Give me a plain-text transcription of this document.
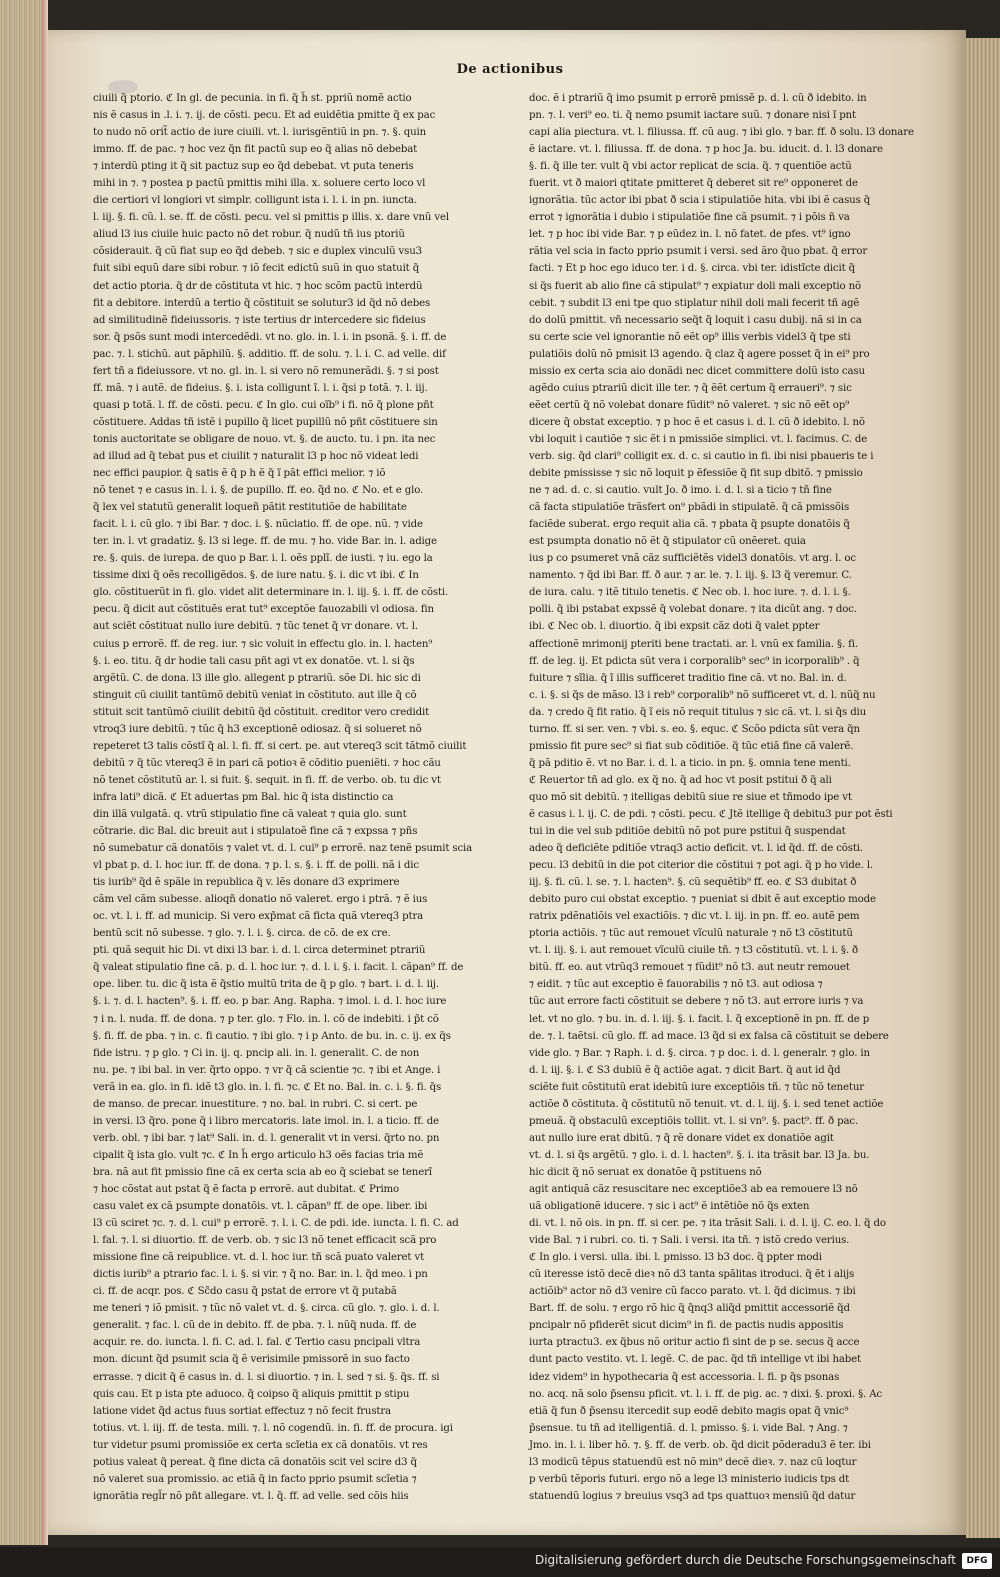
De actionibus
ciuili q̃ ptorio. ℭ In gl. de pecunia. in fi. q̃ h̃ st. ppriũ nomẽ actio
nis ẽ casus in .l. i. ⁊. ij. de cõsti. pecu. Et ad euidẽtia pmitte q̃ ex pac
to nudo nõ orit̃ actio de iure ciuili. vt. l. iurisgẽntiũ in pn. ⁊. §. quin
immo. ff. de pac. ⁊ hoc vez q̃n fit pactũ sup eo q̃ alias nõ debebat
⁊ interdũ pting it q̃ sit pactuz sup eo q̃d debebat. vt puta teneris
mihi in ⁊. ⁊ postea p pactũ pmittis mihi illa. x. soluere certo loco vl
die certiori vl longiori vt simplr. colligunt ista i. l. i. in pn. iuncta.
l. iij. §. fi. cũ. l. se. ff. de cõsti. pecu. vel si pmittis p illis. x. dare vnũ vel
aliud l3 ius ciuile huic pacto nõ det robur. q̃ nudũ tñ ius ptoriũ
cõsiderauit. q̃ cũ fiat sup eo q̃d debeb. ⁊ sic e duplex vinculũ vsu3
fuit sibi equũ dare sibi robur. ⁊ iõ fecit edictũ suũ in quo statuit q̃
det actio ptoria. q̃ dr de cõstituta vt hic. ⁊ hoc scõm pactũ interdũ
fit a debitore. interdũ a tertio q̃ cõstituit se solutur3 id q̃d nõ debes
ad similitudinẽ fideiussoris. ⁊ iste tertius dr intercedere sic fideius
sor. q̃ psõs sunt modi intercedẽdi. vt no. glo. in. l. i. in psonã. §. i. ff. de
pac. ⁊. l. stichũ. aut pãphilũ. §. additio. ff. de solu. ⁊. l. i. C. ad velle. dif
fert tñ a fideiussore. vt no. gl. in. l. si vero nõ remunerãdi. §. ⁊ si post
ff. mã. ⁊ i autẽ. de fideius. §. i. ista colligunt ĩ. l. i. q̃si p totã. ⁊. l. iij.
quasi p totã. l. ff. de cõsti. pecu. ℭ In glo. cui oĩb⁹ i fi. nõ q̃ plone pñt
cõstituere. Addas tñ istẽ i pupillo q̃ licet pupillũ nõ pñt cõstituere sin
tonis auctoritate se obligare de nouo. vt. §. de aucto. tu. i pn. ita nec
ad illud ad q̃ tebat pus et ciuilit ⁊ naturalit l3 p hoc nõ videat ledi
nec effici paupior. q̃ satis ẽ q̃ p h ẽ q̃ ĩ pãt effici melior. ⁊ iõ
nõ tenet ⁊ e casus in. l. i. §. de pupillo. ff. eo. q̃d no. ℭ No. et e glo.
q̃ lex vel statutũ generalit loqueñ pãtit restitutiõe de habilitate
facit. l. i. cũ glo. ⁊ ibi Bar. ⁊ doc. i. §. nũciatio. ff. de ope. nũ. ⁊ vide
ter. in. l. vt gradatiz. §. l3 si lege. ff. de mu. ⁊ ho. vide Bar. in. l. adige
re. §. quis. de iurepa. de quo p Bar. i. l. oẽs pplĩ. de iusti. ⁊ iu. ego la
tissime dixi q̃ oẽs recolligẽdos. §. de iure natu. §. i. dic vt ibi. ℭ In
glo. cõstituerũt in fi. glo. videt alit determinare in. l. iij. §. i. ff. de cõsti.
pecu. q̃ dicit aut cõstituẽs erat tut⁹ exceptõe fauozabili vl odiosa. fin
aut sciẽt cõstituat nullo iure debitũ. ⁊ tũc tenet q̃ vr donare. vt. l.
cuius p errorẽ. ff. de reg. iur. ⁊ sic voluit in effectu glo. in. l. hacten⁹
§. i. eo. titu. q̃ dr hodie tali casu pñt agi vt ex donatõe. vt. l. si q̃s
argẽtũ. C. de dona. l3 ille glo. allegent p ptrariũ. sõe Di. hic sic di
stinguit cũ ciuilit tantũmõ debitũ veniat in cõstituto. aut ille q̃ cõ
stituit scit tantũmõ ciuilit debitũ q̃d cõstituit. creditor vero credidit
vtroq3 iure debitũ. ⁊ tũc q̃ h3 exceptionẽ odiosaz. q̃ si solueret nõ
repeteret t3 talis cõstĩ q̃ al. l. fi. ff. si cert. pe. aut vtereq3 scit tãtmõ ciuilit
debitũ ⁊ q̃ tũc vtereq3 ẽ in pari cã potioꝛ ẽ cõditio pueniẽti. ⁊ hoc cãu
nõ tenet cõstitutũ ar. l. si fuit. §. sequit. in fi. ff. de verbo. ob. tu dic vt
infra lati⁹ dicã. ℭ Et aduertas pm Bal. hic q̃ ista distinctio ca
din illã vulgatã. q. vtrũ stipulatio fine cã valeat ⁊ quia glo. sunt
cõtrarie. dic Bal. dic breuit aut i stipulatoẽ fine cã ⁊ expssa ⁊ pñs
nõ sumebatur cã donatõis ⁊ valet vt. d. l. cui⁹ p errorẽ. naz tenẽ psumit scia
vl pbat p. d. l. hoc iur. ff. de dona. ⁊ p. l. s. §. i. ff. de polli. nã i dic
tis iurib⁹ q̃d ẽ spãle in republica q̃ v. lẽs donare d3 exprimere
cãm vel cãm subesse. alioqñ donatio nõ valeret. ergo i ptrã. ⁊ ẽ ius
oc. vt. l. i. ff. ad municip. Si vero exp̃mat cã ficta quã vtereq3 ptra
bentũ scit nõ subesse. ⁊ glo. ⁊. l. i. §. circa. de cõ. de ex cre.
pti. quã sequit hic Di. vt dixi l3 bar. i. d. l. circa determinet ptrariũ
q̃ valeat stipulatio fine cã. p. d. l. hoc iur. ⁊. d. l. i. §. i. facit. l. cãpan⁹ ff. de
ope. liber. tu. dic q̃ ista ẽ q̃stio multũ trita de q̃ p glo. ⁊ bart. i. d. l. iij.
§. i. ⁊. d. l. hacten⁹. §. i. ff. eo. p bar. Ang. Rapha. ⁊ imol. i. d. l. hoc iure
⁊ i n. l. nuda. ff. de dona. ⁊ p ter. glo. ⁊ Flo. in. l. cõ de indebiti. i p̃t cõ
§. fi. ff. de pba. ⁊ in. c. fi cautio. ⁊ ibi glo. ⁊ i p Anto. de bu. in. c. ij. ex q̃s
fide istru. ⁊ p glo. ⁊ Ci in. ij. q. pncip ali. in. l. generalit. C. de non
nu. pe. ⁊ ibi bal. in ver. q̃rto oppo. ⁊ vr q̃ cã scientie ⁊c. ⁊ ibi et Ange. i
verã in ea. glo. in fi. idẽ t3 glo. in. l. fi. ⁊c. ℭ Et no. Bal. in. c. i. §. fi. q̃s
de manso. de precar. inuestiture. ⁊ no. bal. in rubri. C. si cert. pe
in versi. l3 q̃ro. pone q̃ i libro mercatoris. late imol. in. l. a ticio. ff. de
verb. obl. ⁊ ibi bar. ⁊ lat⁹ Sali. in. d. l. generalit vt in versi. q̃rto no. pn
cipalit q̃ ista glo. vult ⁊c. ℭ In h̃ ergo articulo h3 oẽs facias tria mẽ
bra. nã aut fit pmissio fine cã ex certa scia ab eo q̃ sciebat se tenerĩ
⁊ hoc cõstat aut pstat q̃ ẽ facta p errorẽ. aut dubitat. ℭ Primo
casu valet ex cã psumpte donatõis. vt. l. cãpan⁹ ff. de ope. liber. ibi
l3 cũ sciret ⁊c. ⁊. d. l. cui⁹ p errorẽ. ⁊. l. i. C. de pdi. ide. iuncta. l. fi. C. ad
l. fal. ⁊. l. si diuortio. ff. de verb. ob. ⁊ sic l3 nõ tenet efficacit scã pro
missione fine cã reipublice. vt. d. l. hoc iur. tñ scã puato valeret vt
dictis iurib⁹ a ptrario fac. l. i. §. si vir. ⁊ q̃ no. Bar. in. l. q̃d meo. i pn
ci. ff. de acqr. pos. ℭ Sc̃do casu q̃ pstat de errore vt q̃ putabã
me teneri ⁊ iõ pmisit. ⁊ tũc nõ valet vt. d. §. circa. cũ glo. ⁊. glo. i. d. l.
generalit. ⁊ fac. l. cũ de in debito. ff. de pba. ⁊. l. nũq̃ nuda. ff. de
acquir. re. do. iuncta. l. fi. C. ad. l. fal. ℭ Tertio casu pncipali vltra
mon. dicunt q̃d psumit scia q̃ ẽ verisimile pmissorẽ in suo facto
errasse. ⁊ dicit q̃ ẽ casus in. d. l. si diuortio. ⁊ in. l. sed ⁊ si. §. q̃s. ff. si
quis cau. Et p ista pte aduoco. q̃ coipso q̃ aliquis pmittit p stipu
latione videt q̃d actus fuus sortiat effectuz ⁊ nõ fecit frustra
totius. vt. l. iij. ff. de testa. mili. ⁊. l. nõ cogendũ. in. fi. ff. de procura. igi
tur videtur psumi promissiõe ex certa scĩetia ex cã donatõis. vt res
potius valeat q̃ pereat. q̃ fine dicta cã donatõis scit vel scire d3 q̃
nõ valeret sua promissio. ac etiã q̃ in facto pprio psumit scĩetia ⁊
ignorãtia regl̃r nõ pñt allegare. vt. l. q̃. ff. ad velle. sed cõis hiis
doc. ẽ i ptrariũ q̃ imo psumit p errorẽ pmissẽ p. d. l. cũ ð idebito. in
pn. ⁊. l. veri⁹ eo. ti. q̃ nemo psumit iactare suũ. ⁊ donare nisi ĩ pnt
capi alia piectura. vt. l. filiussa. ff. cũ aug. ⁊ ibi glo. ⁊ bar. ff. ð solu. l3 donare
ẽ iactare. vt. l. filiussa. ff. de dona. ⁊ p hoc Ja. bu. iducit. d. l. l3 donare
§. fi. q̃ ille ter. vult q̃ vbi actor replicat de scia. q̃. ⁊ quentiõe actũ
fuerit. vt ð maiori qtitate pmitteret q̃ deberet sit re⁹ opponeret de
ignorãtia. tũc actor ibi pbat ð scia i stipulatiõe hita. vbi ibi ẽ casus q̃
errot ⁊ ignorãtia i dubio i stipulatiõe fine cã psumit. ⁊ i põis ñ va
let. ⁊ p hoc ibi vide Bar. ⁊ p eũdez in. l. nõ fatet. de pfes. vt⁹ igno
rãtia vel scia in facto pprio psumit i versi. sed ãro q̃uo pbat. q̃ error
facti. ⁊ Et p hoc ego iduco ter. i d. §. circa. vbi ter. idistĩcte dicit q̃
si q̃s fuerit ab alio fine cã stipulat⁹ ⁊ expiatur doli mali exceptio nõ
cebit. ⁊ subdit l3 eni tpe quo stiplatur nihil doli mali fecerit tñ agẽ
do dolũ pmittit. vñ necessario seq̃t q̃ loquit i casu dubij. nã si in ca
su certe scie vel ignorantie nõ eẽt op⁹ illis verbis videl3 q̃ tpe sti
pulatiõis dolũ nõ pmisit l3 agendo. q̃ claz q̃ agere posset q̃ in ei⁹ pro
missio ex certa scia aio donãdi nec dicet committere dolũ isto casu
agẽdo cuius ptrariũ dicit ille ter. ⁊ q̃ ẽẽt certum q̃ erraueri⁹. ⁊ sic
eẽet certũ q̃ nõ volebat donare fũdit⁹ nõ valeret. ⁊ sic nõ eẽt op⁹
dicere q̃ obstat exceptio. ⁊ p hoc ẽ et casus i. d. l. cũ ð idebito. l. nõ
vbi loquit i cautiõe ⁊ sic ẽt i n pmissiõe simplici. vt. l. facimus. C. de
verb. sig. q̃d clari⁹ colligit ex. d. c. si cautio in fi. ibi nisi pbaueris te i
debite pmississe ⁊ sic nõ loquit p ẽfessiõe q̃ fit sup dbitõ. ⁊ pmissio
ne ⁊ ad. d. c. si cautio. vult Jo. ð imo. i. d. l. si a ticio ⁊ tñ fine
cã facta stipulatiõe trãsfert on⁹ pbãdi in stipulatẽ. q̃ cã pmissõis
faciẽde suberat. ergo requit alia cã. ⁊ pbata q̃ psupte donatõis q̃
est psumpta donatio nõ ẽt q̃ stipulator cũ onẽeret. quia
ius p co psumeret vnã cãz sufficiẽtẽs videl3 donatõis. vt arg. l. oc
namento. ⁊ q̃d ibi Bar. ff. ð aur. ⁊ ar. le. ⁊. l. iij. §. l3 q̃ veremur. C.
de iura. calu. ⁊ itẽ titulo tenetis. ℭ Nec ob. l. hoc iure. ⁊. d. l. i. §.
polli. q̃ ibi pstabat expssẽ q̃ volebat donare. ⁊ ita dicũt ang. ⁊ doc.
ibi. ℭ Nec ob. l. diuortio. q̃ ibi expsit cãz doti q̃ valet ppter
affectionẽ mrimonij pteriti bene tractati. ar. l. vnũ ex familia. §. fi.
ff. de leg. ij. Et pdicta sũt vera i corporalib⁹ sec⁹ in icorporalib⁹ . q̃
fuiture ⁊ sĩlia. q̃ ĩ illis sufficeret traditio fine cã. vt no. Bal. in. d.
c. i. §. si q̃s de mãso. l3 i reb⁹ corporalib⁹ nõ sufficeret vt. d. l. nũq̃ nu
da. ⁊ credo q̃ fit ratio. q̃ ĩ eis nõ requit titulus ⁊ sic cã. vt. l. si q̃s diu
turno. ff. si ser. ven. ⁊ vbi. s. eo. §. equc. ℭ Scõo pdicta sũt vera q̃n
pmissio fit pure sec⁹ si fiat sub cõditiõe. q̃ tũc etiã fine cã valerẽ.
q̃ pã pditio ẽ. vt no Bar. i. d. l. a ticio. in pn. §. omnia tene menti.
ℭ Reuertor tñ ad glo. ex q̃ no. q̃ ad hoc vt posit pstitui ð q̃ ali
quo mõ sit debitũ. ⁊ itelligas debitũ siue re siue et tñmodo ipe vt
ẽ casus i. l. ij. C. de pdi. ⁊ cõsti. pecu. ℭ Jtẽ itellige q̃ debitu3 pur pot ẽsti
tui in die vel sub pditiõe debitũ nõ pot pure pstitui q̃ suspendat
adeo q̃ deficiẽte pditiõe vtraq3 actio deficit. vt. l. id q̃d. ff. de cõsti.
pecu. l3 debitũ in die pot citerior die cõstitui ⁊ pot agi. q̃ p ho vide. l.
iij. §. fi. cũ. l. se. ⁊. l. hacten⁹. §. cũ sequẽtib⁹ ff. eo. ℭ S3 dubitat ð
debito puro cui obstat exceptio. ⁊ pueniat si dbit ẽ aut exceptio mode
ratrix pdẽnatiõis vel exactiõis. ⁊ dic vt. l. iij. in pn. ff. eo. autẽ pem
ptoria actiõis. ⁊ tũc aut remouet vĩculũ naturale ⁊ nõ t3 cõstitutũ
vt. l. iij. §. i. aut remouet vĩculũ ciuile tñ. ⁊ t3 cõstitutũ. vt. l. i. §. ð
bitũ. ff. eo. aut vtrũq3 remouet ⁊ fũdit⁹ nõ t3. aut neutr remouet
⁊ eidit. ⁊ tũc aut exceptio ẽ fauorabilis ⁊ nõ t3. aut odiosa ⁊
tũc aut errore facti cõstituit se debere ⁊ nõ t3. aut errore iuris ⁊ va
let. vt no glo. ⁊ bu. in. d. l. iij. §. i. facit. l. q̃ exceptionẽ in pn. ff. de p
de. ⁊. l. taẽtsi. cũ glo. ff. ad mace. l3 q̃d si ex falsa cã cõstituit se debere
vide glo. ⁊ Bar. ⁊ Raph. i. d. §. circa. ⁊ p doc. i. d. l. generalr. ⁊ glo. in
d. l. iij. §. i. ℭ S3 dubiũ ẽ q̃ actiõe agat. ⁊ dicit Bart. q̃ aut id q̃d
sciẽte fuit cõstitutũ erat idebitũ iure exceptiõis tñ. ⁊ tũc nõ tenetur
actiõe ð cõstituta. q̃ cõstitutũ nõ tenuit. vt. d. l. iij. §. i. sed tenet actiõe
pmeuã. q̃ obstaculũ exceptiõis tollit. vt. l. si vn⁹. §. pact⁹. ff. ð pac.
aut nullo iure erat dbitũ. ⁊ q̃ rẽ donare videt ex donatiõe agit
vt. d. l. si q̃s argẽtũ. ⁊ glo. i. d. l. hacten⁹. §. i. ita trãsit bar. l3 Ja. bu.
hic dicit q̃ nõ seruat ex donatõe q̃ pstituens nõ
agit antiquã cãz resuscitare nec exceptiõe3 ab ea remouere l3 nõ
uã obligationẽ iducere. ⁊ sic i act⁹ ẽ intẽtiõe nõ q̃s exten
di. vt. l. nõ ois. in pn. ff. si cer. pe. ⁊ ita trãsit Sali. i. d. l. ij. C. eo. l. q̃ do
vide Bal. ⁊ i rubri. co. ti. ⁊ Sali. i versi. ita tñ. ⁊ istõ credo verius.
ℭ In glo. i versi. ulla. ibi. l. pmisso. l3 b3 doc. q̃ ppter modi
cũ iteresse istõ decẽ dieꝛ nõ d3 tanta spãlitas itroduci. q̃ ẽt i alijs
actiõib⁹ actor nõ d3 venire cũ facco parato. vt. l. q̃d dicimus. ⁊ ibi
Bart. ff. de solu. ⁊ ergo rõ hic q̃ q̃nq3 aliq̃d pmittit accessoriẽ q̃d
pncipalr nõ pfiderẽt sicut dicim⁹ in fi. de pactis nudis appositis
iurta ptractu3. ex q̃bus nõ oritur actio fi sint de p se. secus q̃ acce
dunt pacto vestito. vt. l. legẽ. C. de pac. q̃d tñ intellige vt ibi habet
idez videm⁹ in hypothecaria q̃ est accessoria. l. fi. p q̃s psonas
no. acq. nã solo p̃sensu pficit. vt. l. i. ff. de pig. ac. ⁊ dixi. §. proxi. §. Ac
etiã q̃ fun ð p̃sensu itercedit sup eodẽ debito magis opat q̃ vnic⁹
p̃sensue. tu tñ ad itelligentiã. d. l. pmisso. §. i. vide Bal. ⁊ Ang. ⁊
Jmo. in. l. i. liber hõ. ⁊. §. ff. de verb. ob. q̃d dicit põderadu3 ẽ ter. ibi
l3 modicũ tẽpus statuendũ est nõ min⁹ decẽ dieꝛ. ⁊. naz cũ loqtur
p verbũ tẽporis futuri. ergo nõ a lege l3 ministerio iudicis tps dt
statuendũ logius ⁊ breuius vsq3 ad tps quattuoꝛ mensiũ q̃d datur
Digitalisierung gefördert durch die Deutsche Forschungsgemeinschaft	DFG
